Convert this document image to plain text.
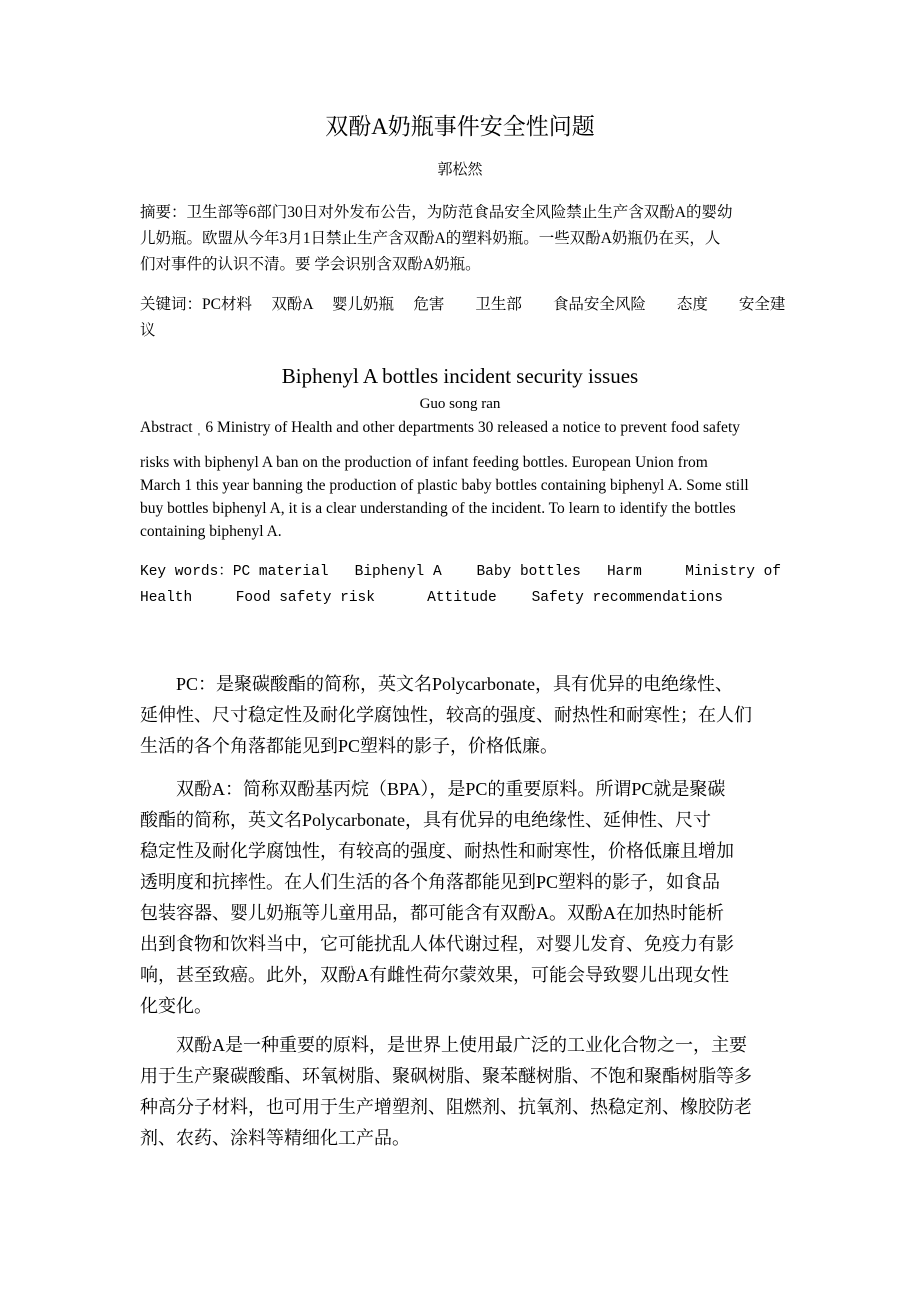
双酚A奶瓶事件安全性问题
郭松然
摘要：卫生部等6部门30日对外发布公告，为防范食品安全风险禁止生产含双酚A的婴幼
儿奶瓶。欧盟从今年3月1日禁止生产含双酚A的塑料奶瓶。一些双酚A奶瓶仍在买，人
们对事件的认识不清。要 学会识别含双酚A奶瓶。
关键词：PC材料　 双酚A　 婴儿奶瓶　 危害　　卫生部　　食品安全风险　　态度　　安全建
议
Biphenyl A bottles incident security issues
Guo song ran
Abstract ˌ 6 Ministry of Health and other departments 30 released a notice to prevent food safety
risks with biphenyl A ban on the production of infant feeding bottles. European Union from
March 1 this year banning the production of plastic baby bottles containing biphenyl A. Some still
buy bottles biphenyl A, it is a clear understanding of the incident. To learn to identify the bottles
containing biphenyl A.
Key words：PC material   Biphenyl A    Baby bottles   Harm     Ministry of
Health     Food safety risk      Attitude    Safety recommendations
　　PC：是聚碳酸酯的简称，英文名Polycarbonate，具有优异的电绝缘性、
延伸性、尺寸稳定性及耐化学腐蚀性，较高的强度、耐热性和耐寒性；在人们
生活的各个角落都能见到PC塑料的影子，价格低廉。
　　双酚A：简称双酚基丙烷（BPA），是PC的重要原料。所谓PC就是聚碳
酸酯的简称，英文名Polycarbonate，具有优异的电绝缘性、延伸性、尺寸
稳定性及耐化学腐蚀性，有较高的强度、耐热性和耐寒性，价格低廉且增加
透明度和抗摔性。在人们生活的各个角落都能见到PC塑料的影子，如食品
包装容器、婴儿奶瓶等儿童用品，都可能含有双酚A。双酚A在加热时能析
出到食物和饮料当中，它可能扰乱人体代谢过程，对婴儿发育、免疫力有影
响，甚至致癌。此外，双酚A有雌性荷尔蒙效果，可能会导致婴儿出现女性
化变化。
　　双酚A是一种重要的原料，是世界上使用最广泛的工业化合物之一，主要
用于生产聚碳酸酯、环氧树脂、聚砜树脂、聚苯醚树脂、不饱和聚酯树脂等多
种高分子材料，也可用于生产增塑剂、阻燃剂、抗氧剂、热稳定剂、橡胶防老
剂、农药、涂料等精细化工产品。
